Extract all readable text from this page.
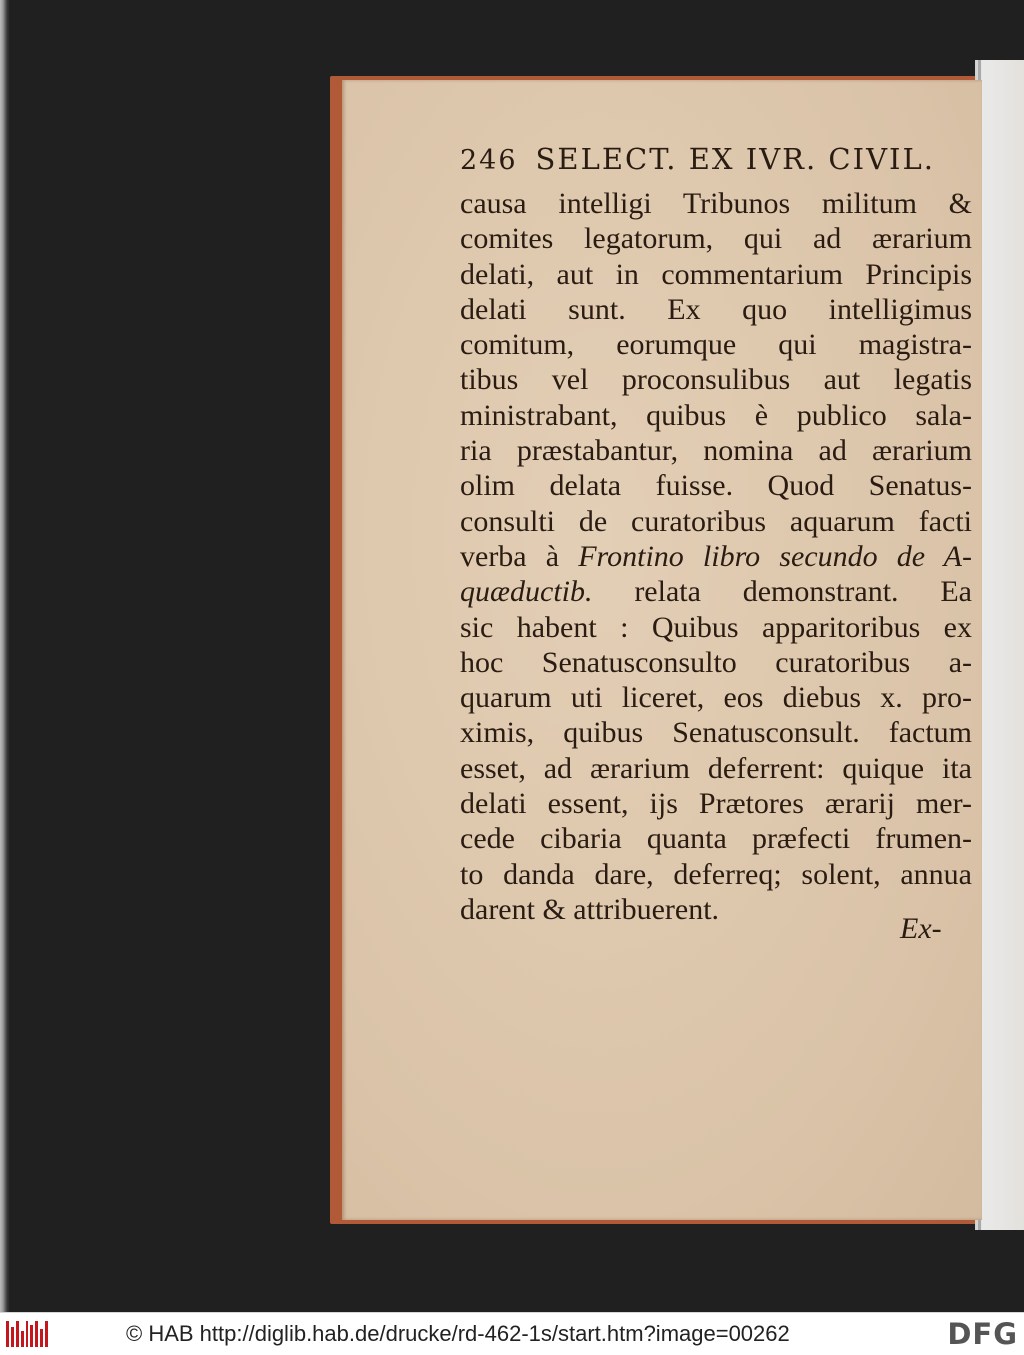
246 SELECT. EX IVR. CIVIL.
causa intelligi Tribunos militum &
comites legatorum, qui ad ærarium
delati, aut in commentarium Principis
delati sunt. Ex quo intelligimus
comitum, eorumque qui magistra-
tibus vel proconsulibus aut legatis
ministrabant, quibus è publico sala-
ria præstabantur, nomina ad ærarium
olim delata fuisse. Quod Senatus-
consulti de curatoribus aquarum facti
verba à Frontino libro secundo de A-
quæductib. relata demonstrant. Ea
sic habent : Quibus apparitoribus ex
hoc Senatusconsulto curatoribus a-
quarum uti liceret, eos diebus x. pro-
ximis, quibus Senatusconsult. factum
esset, ad ærarium deferrent: quique ita
delati essent, ijs Prætores ærarij mer-
cede cibaria quanta præfecti frumen-
to danda dare, deferreq; solent, annua
darent & attribuerent.
Ex-
© HAB http://diglib.hab.de/drucke/rd-462-1s/start.htm?image=00262	DFG
